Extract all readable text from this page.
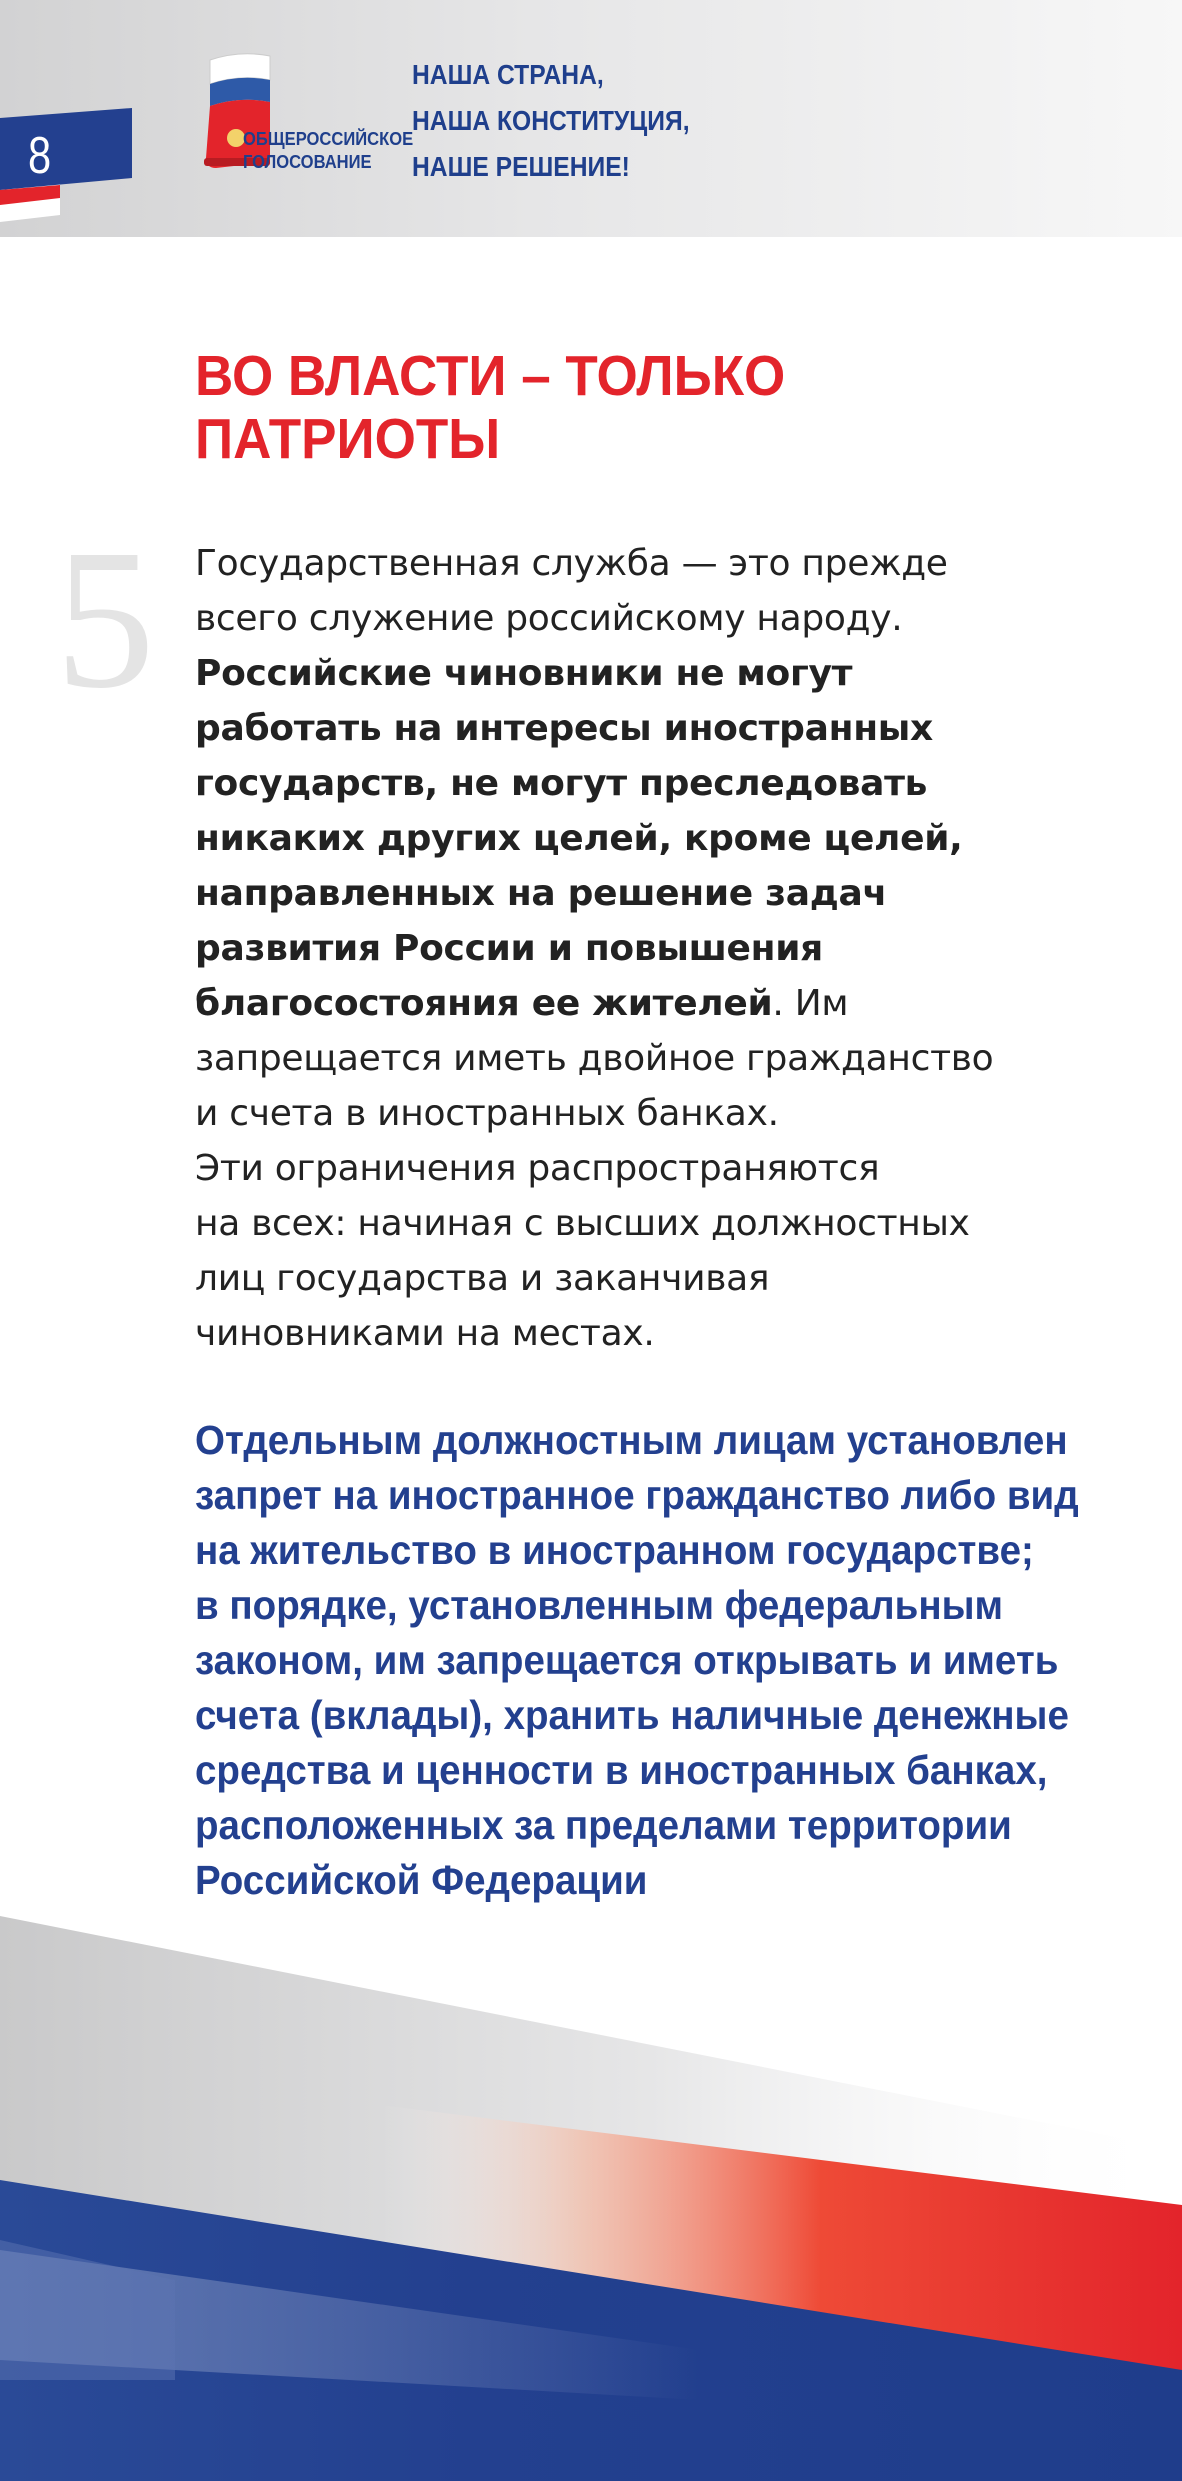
8	ОБЩЕРОССИЙСКОЕ
ГОЛОСОВАНИЕ
НАША СТРАНА,
НАША КОНСТИТУЦИЯ,
НАШЕ РЕШЕНИЕ!
ВО ВЛАСТИ – ТОЛЬКО
ПАТРИОТЫ
5 Государственная служба — это прежде
всего служение российскому народу.
Российские чиновники не могут
работать на интересы иностранных
государств, не могут преследовать
никаких других целей, кроме целей,
направленных на решение задач
развития России и повышения
благосостояния ее жителей. Им
запрещается иметь двойное гражданство
и счета в иностранных банках.
Эти ограничения распространяются
на всех: начиная с высших должностных
лиц государства и заканчивая
чиновниками на местах.
Отдельным должностным лицам установлен
запрет на иностранное гражданство либо вид
на жительство в иностранном государстве;
в порядке, установленным федеральным
законом, им запрещается открывать и иметь
счета (вклады), хранить наличные денежные
средства и ценности в иностранных банках,
расположенных за пределами территории
Российской Федерации
